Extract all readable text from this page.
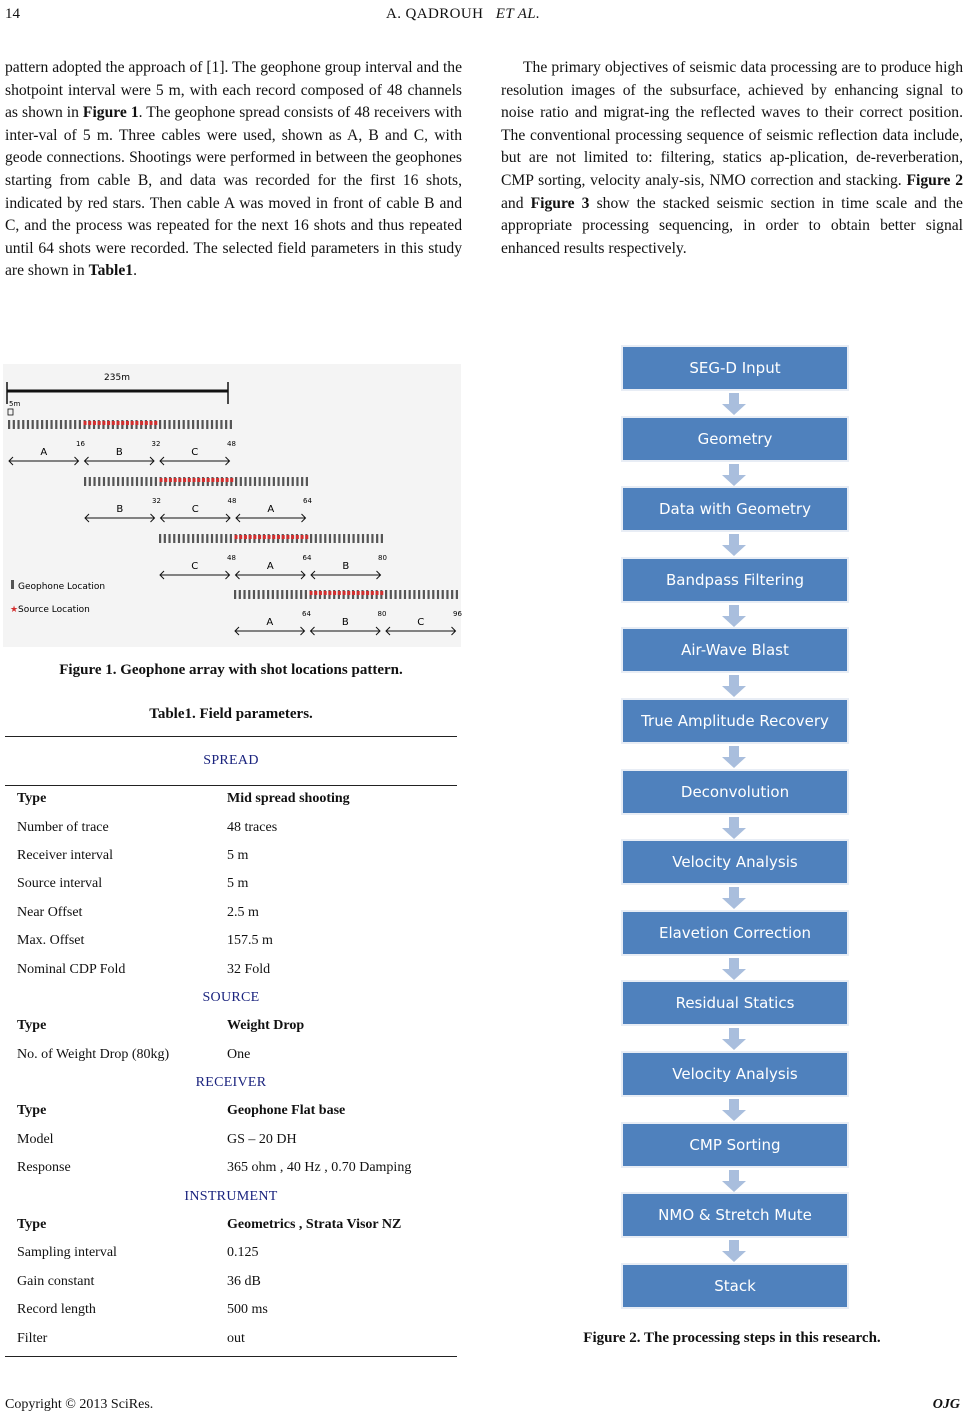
14	A. QADROUH ET AL.

pattern adopted the approach of [1]. The geophone group interval and the shotpoint interval were 5 m, with each record composed of 48 channels as shown in Figure 1. The geophone spread consists of 48 receivers with inter-val of 5 m. Three cables were used, shown as A, B and C, with geode connections. Shootings were performed in between the geophones starting from cable B, and data was recorded for the first 16 shots, indicated by red stars. Then cable A was moved in front of cable B and C, and the process was repeated for the next 16 shots and thus repeated until 64 shots were recorded. The selected field parameters in this study are shown in Table1.

The primary objectives of seismic data processing are to produce high resolution images of the subsurface, achieved by enhancing signal to noise ratio and migrat-ing the reflected waves to their correct position. The conventional processing sequence of seismic reflection data include, but are not limited to: filtering, statics ap-plication, de-reverberation, CMP sorting, velocity analy-sis, NMO correction and stacking. Figure 2 and Figure 3 show the stacked seismic section in time scale and the appropriate processing sequencing, in order to obtain better signal enhanced results respectively.

235m
5m
A
16
B
32
C
48
B
32
C
48
A
64
C
48
A
64
B
80
A
64
B
80
C
96
Geophone Location
★ Source Location
Figure 1. Geophone array with shot locations pattern.
Table1. Field parameters.
SPREAD	
Type	Mid spread shooting
Number of trace	48 traces
Receiver interval	5 m
Source interval	5 m
Near Offset	2.5 m
Max. Offset	157.5 m
Nominal CDP Fold	32 Fold
SOURCE	
Type	Weight Drop
No. of Weight Drop (80kg)	One
RECEIVER	
Type	Geophone Flat base
Model	GS – 20 DH
Response	365 ohm , 40 Hz , 0.70 Damping
INSTRUMENT	
Type	Geometrics , Strata Visor NZ
Sampling interval	0.125
Gain constant	36 dB
Record length	500 ms
Filter	out
SEG-D Input
Geometry
Data with Geometry
Bandpass Filtering
Air-Wave Blast
True Amplitude Recovery
Deconvolution
Velocity Analysis
Elavetion Correction
Residual Statics
Velocity Analysis
CMP Sorting
NMO & Stretch Mute
Stack
Figure 2. The processing steps in this research.
Copyright © 2013 SciRes.	OJG
